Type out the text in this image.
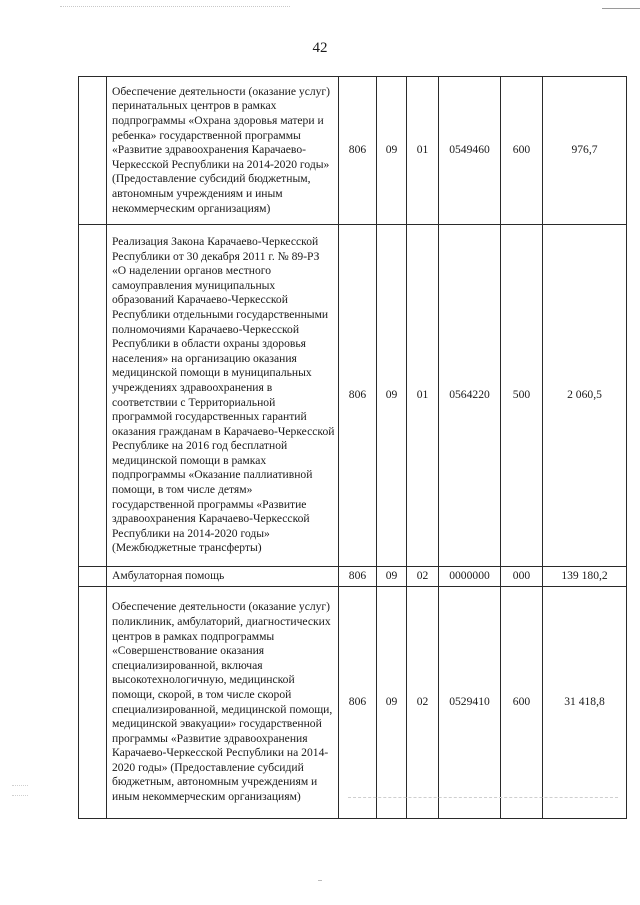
42
	Обеспечение деятельности (оказание услуг) перинатальных центров в рамках подпрограммы «Охрана здоровья матери и ребенка» государственной программы «Развитие здравоохранения Карачаево-Черкесской Республики на 2014-2020 годы» (Предоставление субсидий бюджетным, автономным учреждениям и иным некоммерческим организациям)	806	09	01	0549460	600	976,7
	Реализация Закона Карачаево-Черкесской Республики от 30 декабря 2011 г. № 89-РЗ «О наделении органов местного самоуправления муниципальных образований Карачаево-Черкесской Республики отдельными государственными полномочиями Карачаево-Черкесской Республики в области охраны здоровья населения» на организацию оказания медицинской помощи в муниципальных учреждениях здравоохранения в соответствии с Территориальной программой государственных гарантий оказания гражданам в Карачаево-Черкесской Республике на 2016 год бесплатной медицинской помощи в рамках подпрограммы «Оказание паллиативной помощи, в том числе детям» государственной программы «Развитие здравоохранения Карачаево-Черкесской Республики на 2014-2020 годы» (Межбюджетные трансферты)	806	09	01	0564220	500	2 060,5
	Амбулаторная помощь	806	09	02	0000000	000	139 180,2
	Обеспечение деятельности (оказание услуг) поликлиник, амбулаторий, диагностических центров в рамках подпрограммы «Совершенствование оказания специализированной, включая высокотехнологичную, медицинской помощи, скорой, в том числе скорой специализированной, медицинской помощи, медицинской эвакуации» государственной программы «Развитие здравоохранения Карачаево-Черкесской Республики на 2014-2020 годы» (Предоставление субсидий бюджетным, автономным учреждениям и иным некоммерческим организациям)	806	09	02	0529410	600	31 418,8
